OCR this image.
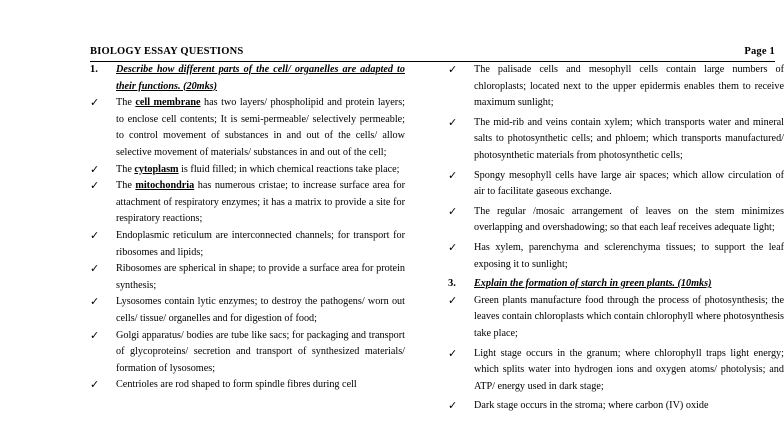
BIOLOGY ESSAY QUESTIONS	Page 1
1.	Describe how different parts of the cell/ organelles are adapted to their functions. (20mks)
✓	The cell membrane has two layers/ phospholipid and protein layers; to enclose cell contents; It is semi-permeable/ selectively permeable; to control movement of substances in and out of the cells/ allow selective movement of materials/ substances in and out of the cell;
✓	The cytoplasm is fluid filled; in which chemical reactions take place;
✓	The mitochondria has numerous cristae; to increase surface area for attachment of respiratory enzymes; it has a matrix to provide a site for respiratory reactions;
✓	Endoplasmic reticulum are interconnected channels; for transport for ribosomes and lipids;
✓	Ribosomes are spherical in shape; to provide a surface area for protein synthesis;
✓	Lysosomes contain lytic enzymes; to destroy the pathogens/ worn out cells/ tissue/ organelles and for digestion of food;
✓	Golgi apparatus/ bodies are tube like sacs; for packaging and transport of glycoproteins/ secretion and transport of synthesized materials/ formation of lysosomes;
✓	Centrioles are rod shaped to form spindle fibres during cell
✓	The palisade cells and mesophyll cells contain large numbers of chloroplasts; located next to the upper epidermis enables them to receive maximum sunlight;
✓	The mid-rib and veins contain xylem; which transports water and mineral salts to photosynthetic cells; and phloem; which transports manufactured/ photosynthetic materials from photosynthetic cells;
✓	Spongy mesophyll cells have large air spaces; which allow circulation of air to facilitate gaseous exchange.
✓	The regular /mosaic arrangement of leaves on the stem minimizes overlapping and overshadowing; so that each leaf receives adequate light;
✓	Has xylem, parenchyma and sclerenchyma tissues; to support the leaf exposing it to sunlight;
3.	Explain the formation of starch in green plants. (10mks)
✓	Green plants manufacture food through the process of photosynthesis; the leaves contain chloroplasts which contain chlorophyll where photosynthesis take place;
✓	Light stage occurs in the granum; where chlorophyll traps light energy; which splits water into hydrogen ions and oxygen atoms/ photolysis; and ATP/ energy used in dark stage;
✓	Dark stage occurs in the stroma; where carbon (IV) oxide
